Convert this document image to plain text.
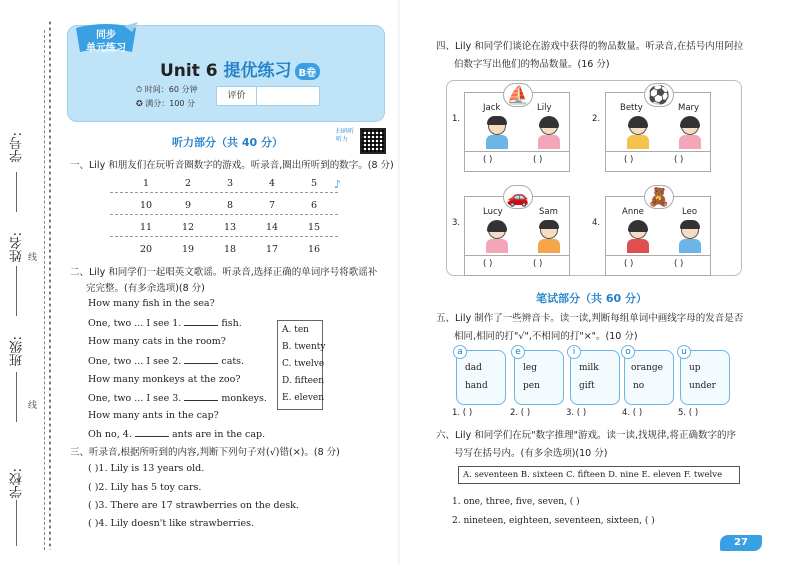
学号:
姓名: 线
班级:
线
学校:
同步
单元练习
Unit 6 提优练习 B卷
⏱ 时间：60 分钟
✪ 满分：100 分
评价
听力部分（共 40 分）
扫码听听力
一、Lily 和朋友们在玩听音圈数字的游戏。听录音,圈出所听到的数字。(8 分)
1	2	3	4	5
10	9	8	7	6
11	12	13	14	15
20	19	18	17	16
♪
二、Lily 和同学们一起唱英文歌谣。听录音,选择正确的单词序号将歌谣补
完完整。(有多余选项)(8 分)
How many fish in the sea?
One, two ... I see 1.	fish.
How many cats in the room?
One, two ... I see 2.	cats.
How many monkeys at the zoo?
One, two ... I see 3.	monkeys.
How many ants in the cap?
Oh no, 4.	ants are in the cap.
A. ten
B. twenty
C. twelve
D. fifteen
E. eleven
三、听录音,根据所听到的内容,判断下列句子对(√)错(×)。(8 分)
( )1. Lily is 13 years old.
( )2. Lily has 5 toy cars.
( )3. There are 17 strawberries on the desk.
( )4. Lily doesn't like strawberries.
四、Lily 和同学们谈论在游戏中获得的物品数量。听录音,在括号内用阿拉
伯数字写出他们的物品数量。(16 分)
1.
⛵
Jack	Lily
( )	( )
2.
⚽
Betty	Mary
( )	( )
3.
🚗
Lucy	Sam
( )	( )
4.
🧸
Anne	Leo
( )	( )
笔试部分（共 60 分）
五、Lily 制作了一些辨音卡。读一读,判断每组单词中画线字母的发音是否
相同,相同的打"√",不相同的打"×"。(10 分)
a
dad
hand
e
leg
pen
i
milk
gift
o
orange
no
u
up
under
1. ( )	2. ( )	3. ( )	4. ( )	5. ( )
六、Lily 和同学们在玩"数字推理"游戏。读一读,找规律,将正确数字的序
号写在括号内。(有多余选项)(10 分)
A. seventeen B. sixteen C. fifteen D. nine E. eleven F. twelve
1. one, three, five, seven, ( )
2. nineteen, eighteen, seventeen, sixteen, ( )
27
